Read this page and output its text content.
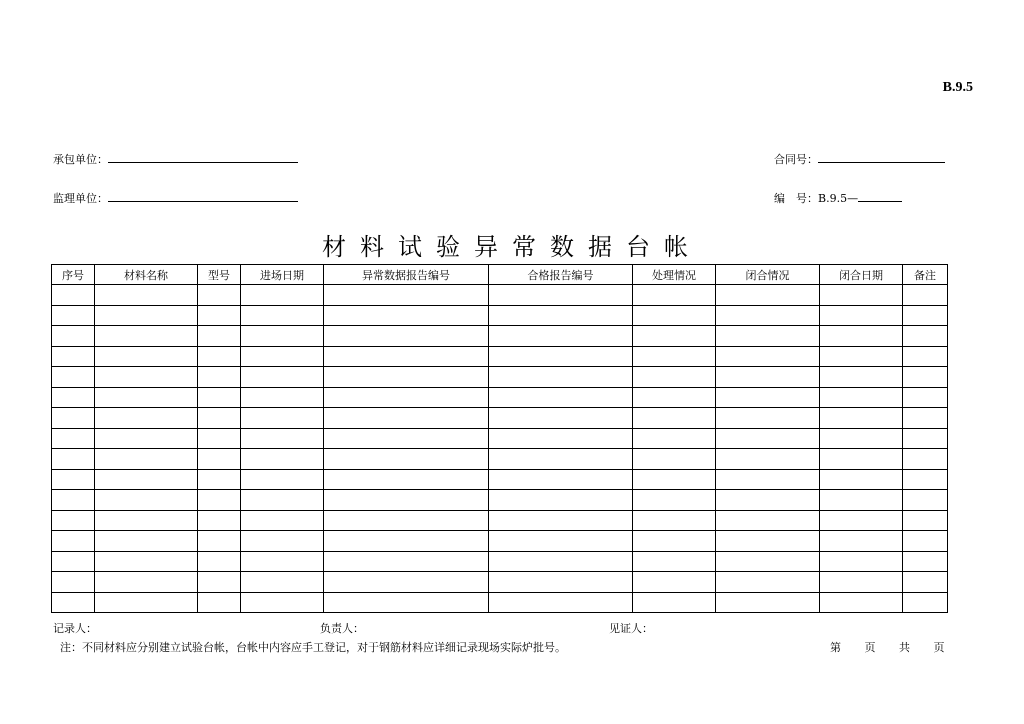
B.9.5
承包单位：	合同号：
监理单位：	编　号：B.9.5—
材料试验异常数据台帐
序号	材料名称	型号	进场日期	异常数据报告编号	合格报告编号	处理情况	闭合情况	闭合日期	备注

记录人：	负责人：	见证人：
注：不同材料应分别建立试验台帐，台帐中内容应手工登记，对于钢筋材料应详细记录现场实际炉批号。	第 页 共 页
